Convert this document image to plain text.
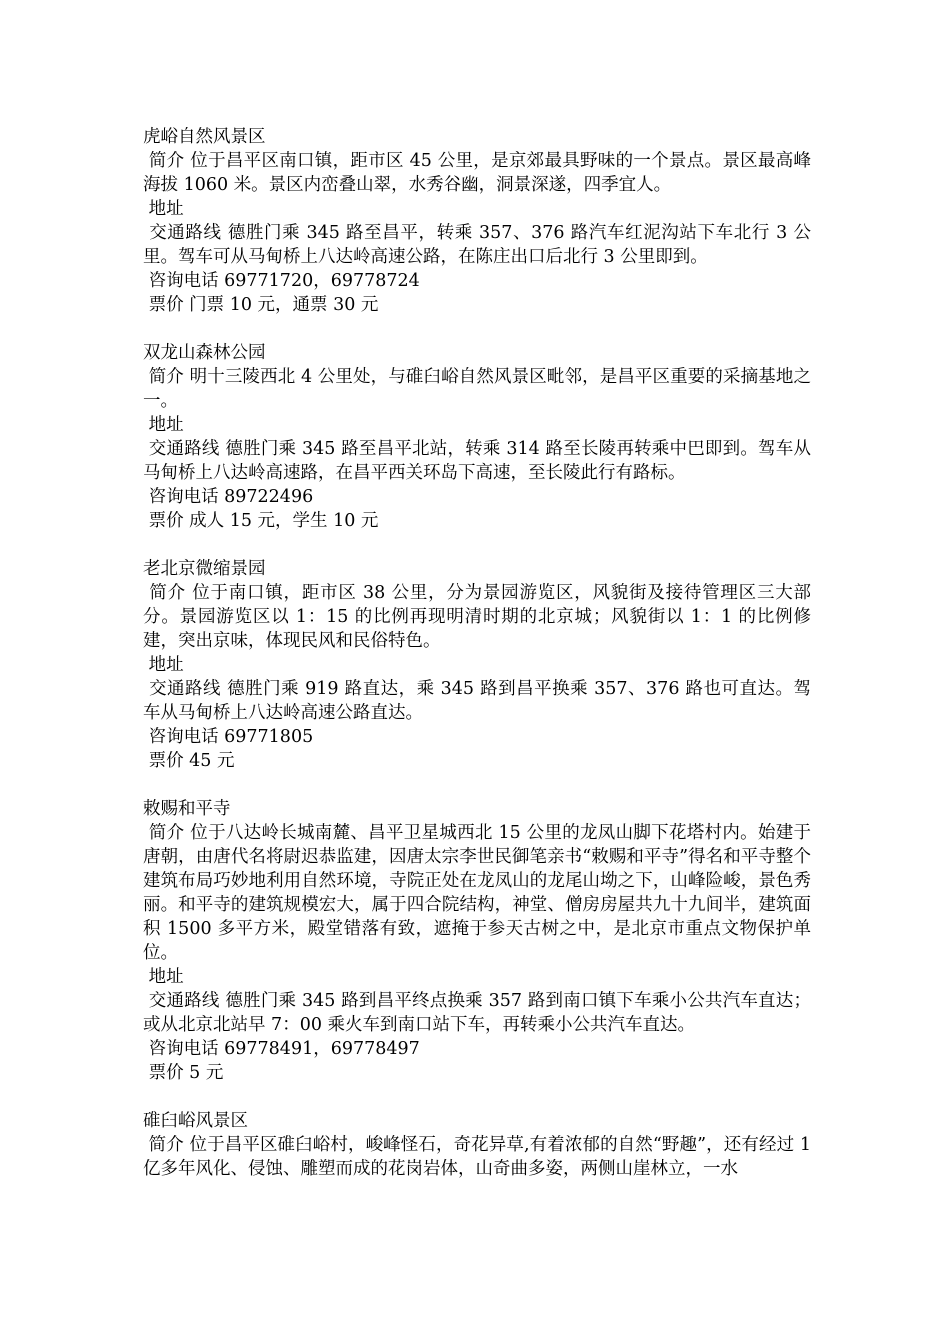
虎峪自然风景区

简介 位于昌平区南口镇，距市区 45 公里，是京郊最具野味的一个景点。景区最高峰海拔 1060 米。景区内峦叠山翠，水秀谷幽，洞景深遂，四季宜人。

地址

交通路线 德胜门乘 345 路至昌平，转乘 357、376 路汽车红泥沟站下车北行 3 公里。驾车可从马甸桥上八达岭高速公路，在陈庄出口后北行 3 公里即到。

咨询电话 69771720，69778724

票价 门票 10 元，通票 30 元

双龙山森林公园

简介 明十三陵西北 4 公里处，与碓臼峪自然风景区毗邻，是昌平区重要的采摘基地之一。

地址

交通路线 德胜门乘 345 路至昌平北站，转乘 314 路至长陵再转乘中巴即到。驾车从马甸桥上八达岭高速路，在昌平西关环岛下高速，至长陵此行有路标。

咨询电话 89722496

票价 成人 15 元，学生 10 元

老北京微缩景园

简介 位于南口镇，距市区 38 公里，分为景园游览区，风貌街及接待管理区三大部分。景园游览区以 1：15 的比例再现明清时期的北京城；风貌街以 1：1 的比例修建，突出京味，体现民风和民俗特色。

地址

交通路线 德胜门乘 919 路直达，乘 345 路到昌平换乘 357、376 路也可直达。驾车从马甸桥上八达岭高速公路直达。

咨询电话 69771805

票价 45 元

敕赐和平寺

简介 位于八达岭长城南麓、昌平卫星城西北 15 公里的龙凤山脚下花塔村内。始建于唐朝，由唐代名将尉迟恭监建，因唐太宗李世民御笔亲书“敕赐和平寺”得名和平寺整个建筑布局巧妙地利用自然环境，寺院正处在龙凤山的龙尾山坳之下，山峰险峻，景色秀丽。和平寺的建筑规模宏大，属于四合院结构，神堂、僧房房屋共九十九间半，建筑面积 1500 多平方米，殿堂错落有致，遮掩于参天古树之中，是北京市重点文物保护单位。

地址

交通路线 德胜门乘 345 路到昌平终点换乘 357 路到南口镇下车乘小公共汽车直达；或从北京北站早 7：00 乘火车到南口站下车，再转乘小公共汽车直达。

咨询电话 69778491，69778497

票价 5 元

碓臼峪风景区

简介 位于昌平区碓臼峪村，峻峰怪石，奇花异草,有着浓郁的自然“野趣”，还有经过 1 亿多年风化、侵蚀、雕塑而成的花岗岩体，山奇曲多姿，两侧山崖林立，一水
